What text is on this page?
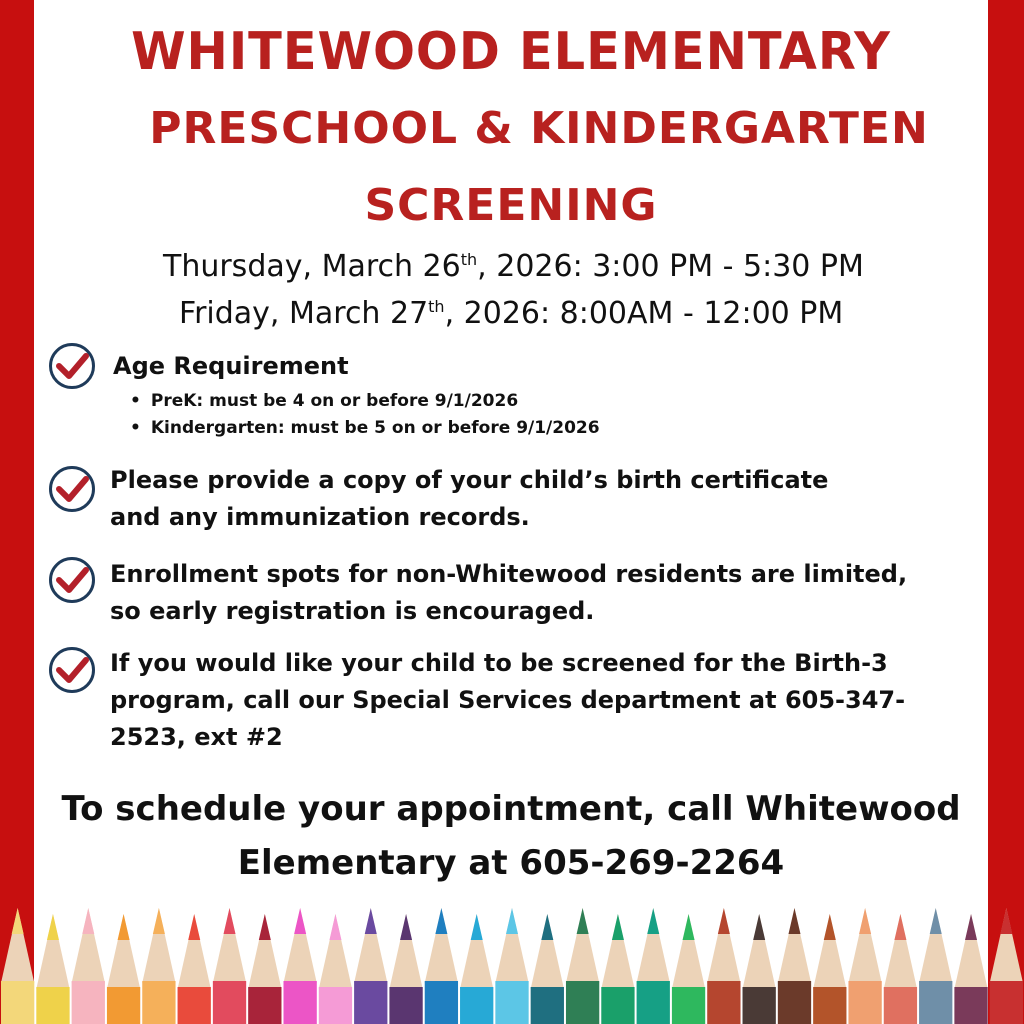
WHITEWOOD ELEMENTARY
PRESCHOOL & KINDERGARTEN
SCREENING
Thursday, March 26th, 2026: 3:00 PM - 5:30 PM
Friday, March 27th, 2026: 8:00AM - 12:00 PM
Age Requirement
• PreK: must be 4 on or before 9/1/2026
• Kindergarten: must be 5 on or before 9/1/2026
Please provide a copy of your child’s birth certificate
and any immunization records.
Enrollment spots for non-Whitewood residents are limited,
so early registration is encouraged.
If you would like your child to be screened for the Birth-3
program, call our Special Services department at 605-347-
2523, ext #2
To schedule your appointment, call Whitewood
Elementary at 605-269-2264
